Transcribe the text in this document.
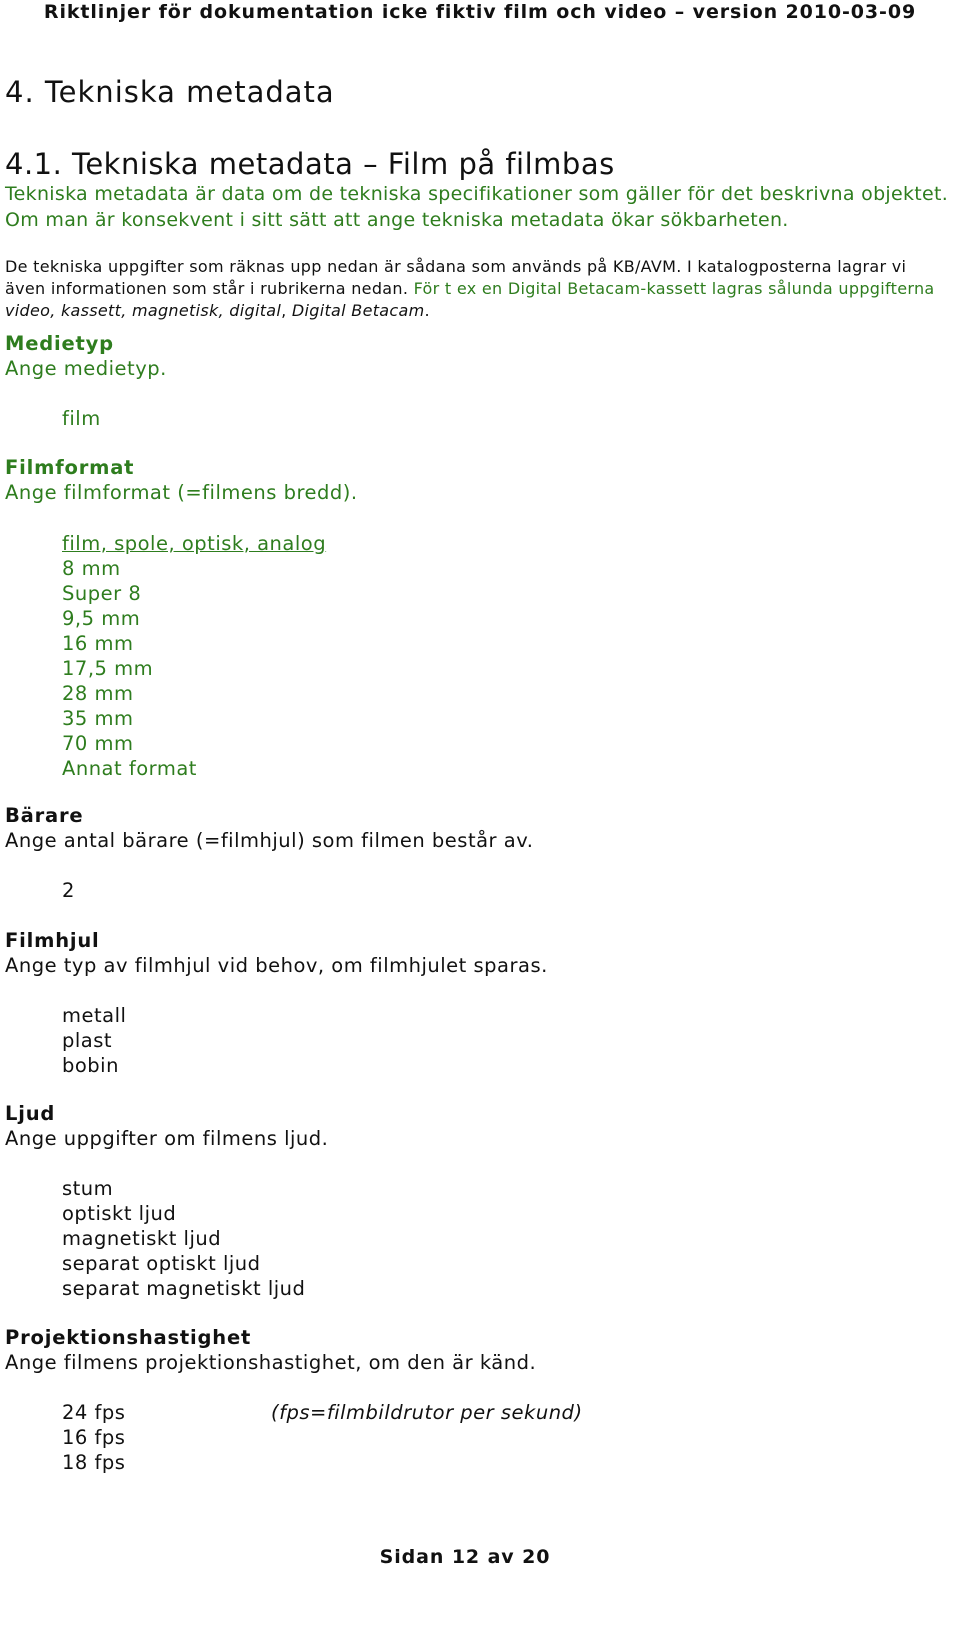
Riktlinjer för dokumentation icke fiktiv film och video – version 2010-03-09
4. Tekniska metadata
4.1. Tekniska metadata – Film på filmbas
Tekniska metadata är data om de tekniska specifikationer som gäller för det beskrivna objektet. Om man är konsekvent i sitt sätt att ange tekniska metadata ökar sökbarheten.
De tekniska uppgifter som räknas upp nedan är sådana som används på KB/AVM. I katalogposterna lagrar vi även informationen som står i rubrikerna nedan. För t ex en Digital Betacam-kassett lagras sålunda uppgifterna video, kassett, magnetisk, digital, Digital Betacam.
Medietyp
Ange medietyp.
film
Filmformat
Ange filmformat (=filmens bredd).
film, spole, optisk, analog
8 mm
Super 8
9,5 mm
16 mm
17,5 mm
28 mm
35 mm
70 mm
Annat format
Bärare
Ange antal bärare (=filmhjul) som filmen består av.
2
Filmhjul
Ange typ av filmhjul vid behov, om filmhjulet sparas.
metall
plast
bobin
Ljud
Ange uppgifter om filmens ljud.
stum
optiskt ljud
magnetiskt ljud
separat optiskt ljud
separat magnetiskt ljud
Projektionshastighet
Ange filmens projektionshastighet, om den är känd.
24 fps
16 fps
18 fps
(fps=filmbildrutor per sekund)
Sidan 12 av 20
